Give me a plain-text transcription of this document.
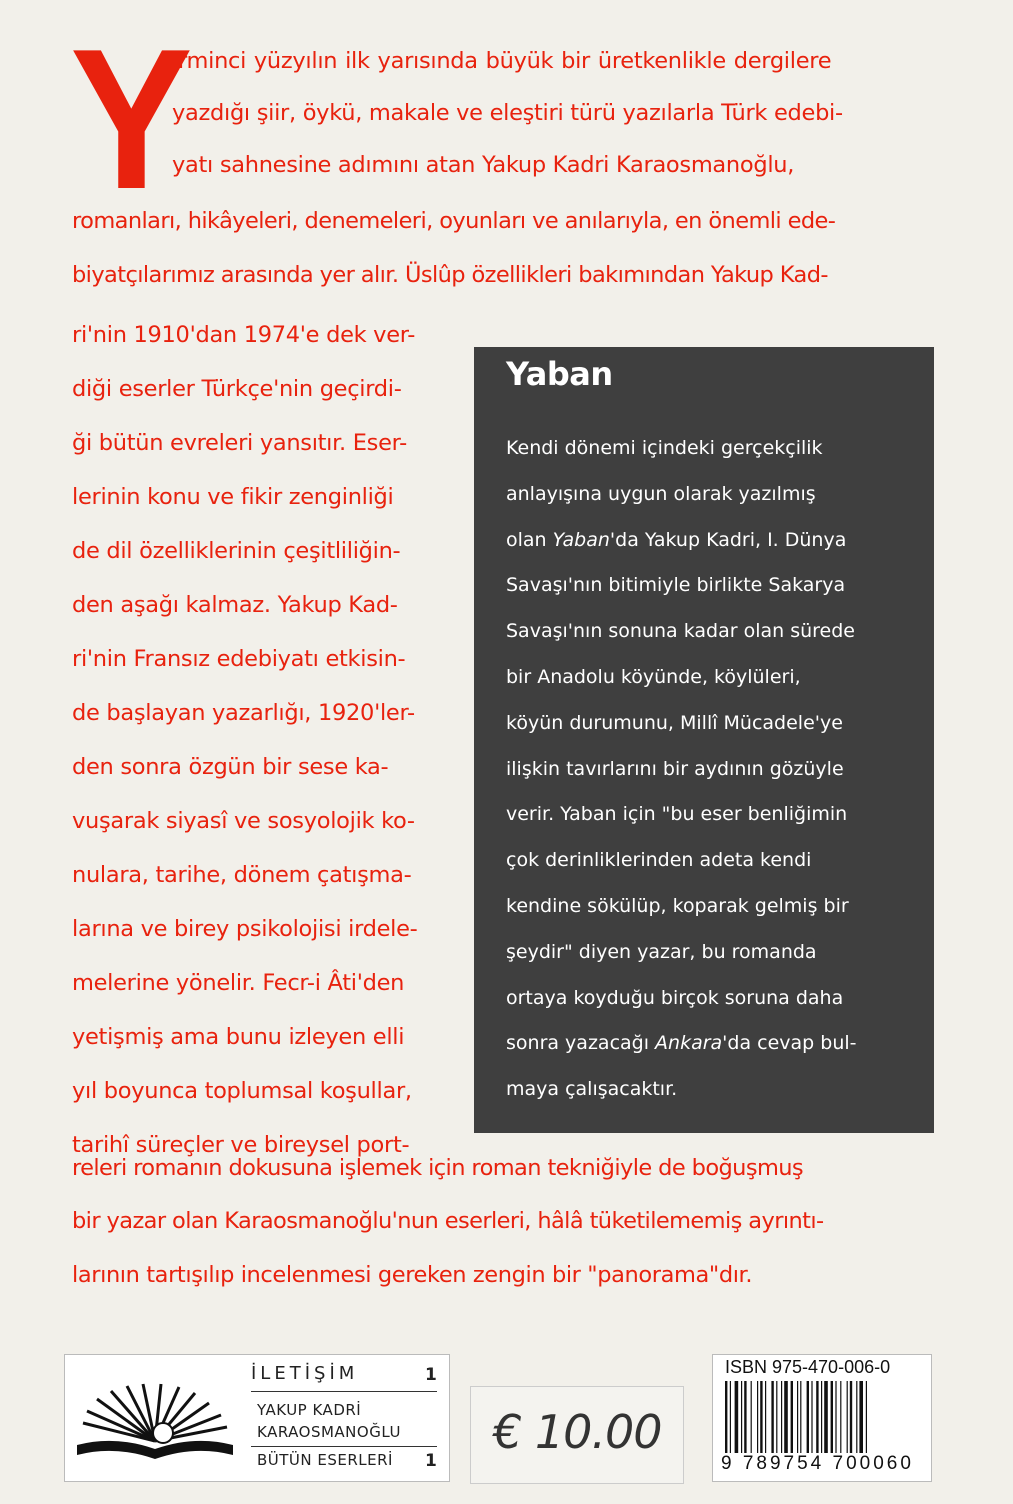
Y
irminci yüzyılın ilk yarısında büyük bir üretkenlikle dergilere
yazdığı şiir, öykü, makale ve eleştiri türü yazılarla Türk edebi-
yatı sahnesine adımını atan Yakup Kadri Karaosmanoğlu,
romanları, hikâyeleri, denemeleri, oyunları ve anılarıyla, en önemli ede-
biyatçılarımız arasında yer alır. Üslûp özellikleri bakımından Yakup Kad-
ri'nin 1910'dan 1974'e dek ver-
diği eserler Türkçe'nin geçirdi-
ği bütün evreleri yansıtır. Eser-
lerinin konu ve fikir zenginliği
de dil özelliklerinin çeşitliliğin-
den aşağı kalmaz. Yakup Kad-
ri'nin Fransız edebiyatı etkisin-
de başlayan yazarlığı, 1920'ler-
den sonra özgün bir sese ka-
vuşarak siyasî ve sosyolojik ko-
nulara, tarihe, dönem çatışma-
larına ve birey psikolojisi irdele-
melerine yönelir. Fecr-i Âti'den
yetişmiş ama bunu izleyen elli
yıl boyunca toplumsal koşullar,
tarihî süreçler ve bireysel port-
releri romanın dokusuna işlemek için roman tekniğiyle de boğuşmuş
bir yazar olan Karaosmanoğlu'nun eserleri, hâlâ tüketilememiş ayrıntı-
larının tartışılıp incelenmesi gereken zengin bir "panorama"dır.
Yaban
Kendi dönemi içindeki gerçekçilik
anlayışına uygun olarak yazılmış
olan Yaban'da Yakup Kadri, I. Dünya
Savaşı'nın bitimiyle birlikte Sakarya
Savaşı'nın sonuna kadar olan sürede
bir Anadolu köyünde, köylüleri,
köyün durumunu, Millî Mücadele'ye
ilişkin tavırlarını bir aydının gözüyle
verir. Yaban için "bu eser benliğimin
çok derinliklerinden adeta kendi
kendine sökülüp, koparak gelmiş bir
şeydir" diyen yazar, bu romanda
ortaya koyduğu birçok soruna daha
sonra yazacağı Ankara'da cevap bul-
maya çalışacaktır.
İLETİŞİM	1
YAKUP KADRİ
KARAOSMANOĞLU
BÜTÜN ESERLERİ 1
€ 10.00
ISBN 975-470-006-0
9 789754 700060
